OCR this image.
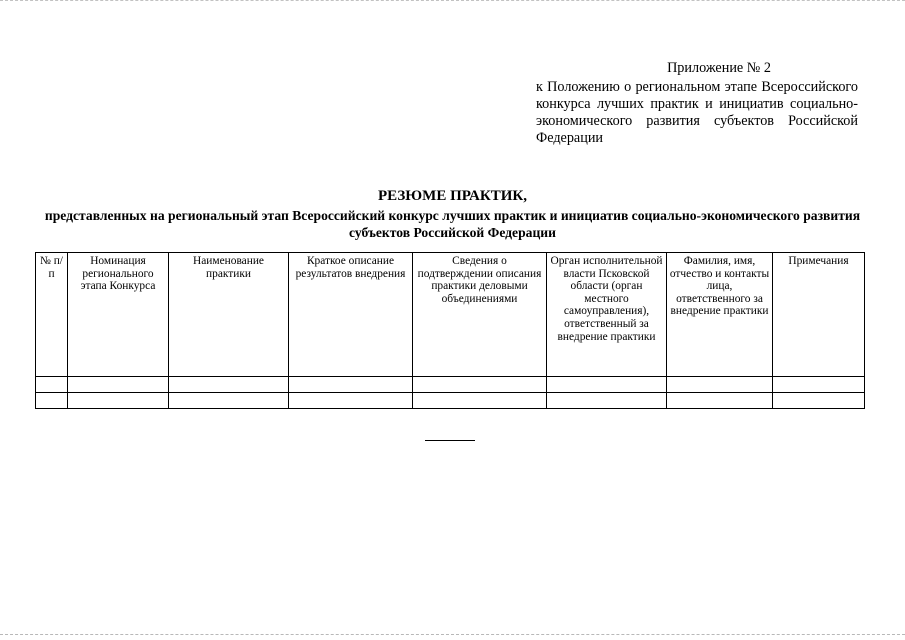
Приложение № 2
к Положению о региональном этапе Всероссийского конкурса лучших практик и инициатив социально-экономического развития субъектов Российской Федерации
РЕЗЮМЕ ПРАКТИК,
представленных на региональный этап Всероссийский конкурс лучших практик и инициатив социально-экономического развития субъектов Российской Федерации
№ п/п	Номинация регионального этапа Конкурса	Наименование практики	Краткое описание результатов внедрения	Сведения о подтверждении описания практики деловыми объединениями	Орган исполнительной власти Псковской области (орган местного самоуправления), ответственный за внедрение практики	Фамилия, имя, отчество и контакты лица, ответственного за внедрение практики	Примечания
